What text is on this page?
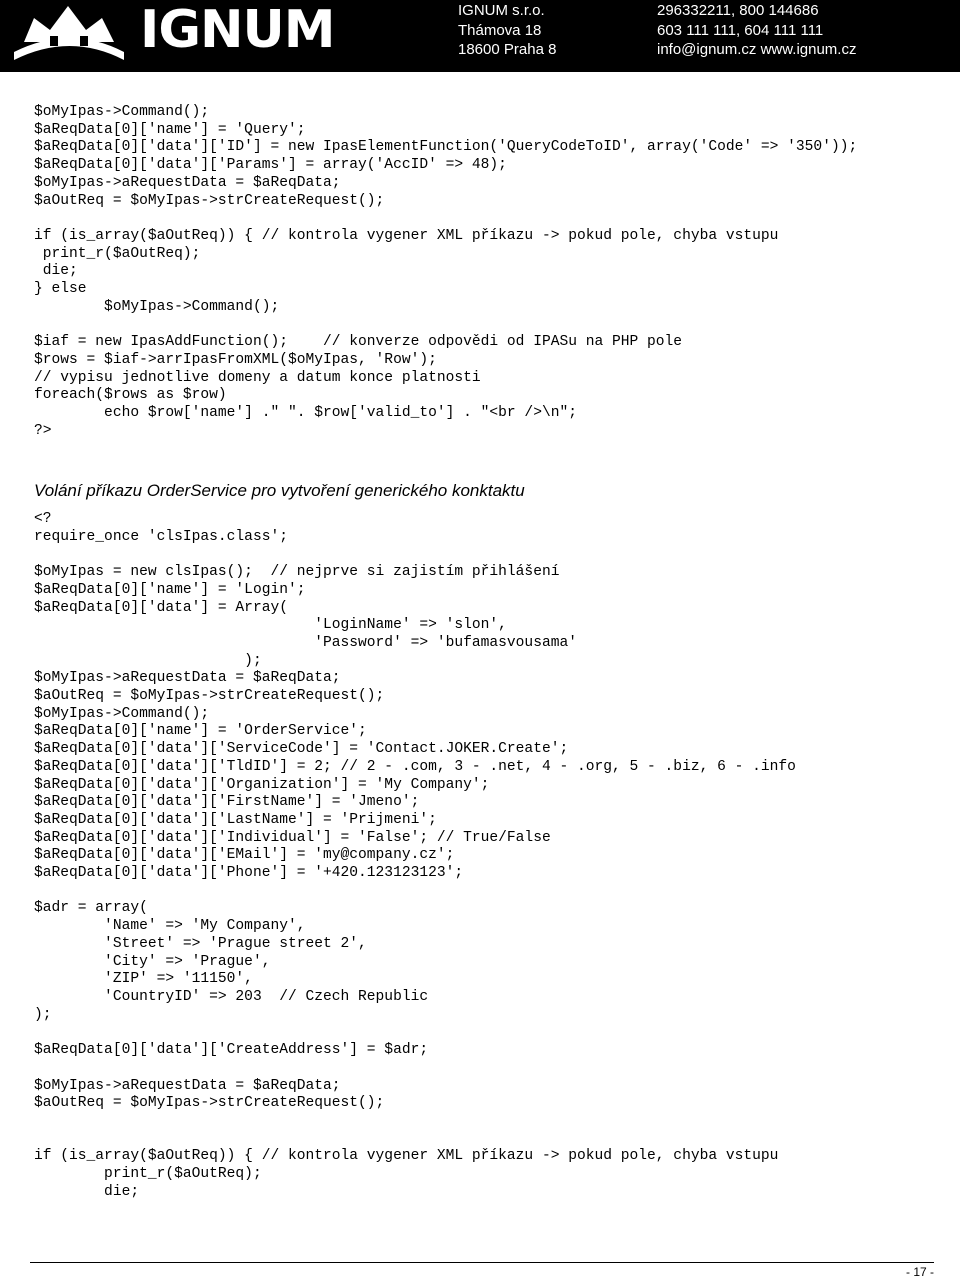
IGNUM	IGNUM s.r.o.
Thámova 18
18600 Praha 8
296332211, 800 144686
603 111 111, 604 111 111
info@ignum.cz www.ignum.cz
$oMyIpas->Command();
$aReqData[0]['name'] = 'Query';
$aReqData[0]['data']['ID'] = new IpasElementFunction('QueryCodeToID', array('Code' => '350'));
$aReqData[0]['data']['Params'] = array('AccID' => 48);
$oMyIpas->aRequestData = $aReqData;
$aOutReq = $oMyIpas->strCreateRequest();

if (is_array($aOutReq)) { // kontrola vygener XML příkazu -> pokud pole, chyba vstupu
print_r($aOutReq);
die;
} else
$oMyIpas->Command();

$iaf = new IpasAddFunction();    // konverze odpovědi od IPASu na PHP pole
$rows = $iaf->arrIpasFromXML($oMyIpas, 'Row');
// vypisu jednotlive domeny a datum konce platnosti
foreach($rows as $row)
echo $row['name'] ." ". $row['valid_to'] . "<br />\n";
?>
Volání příkazu OrderService pro vytvoření generického konktaktu
<?
require_once 'clsIpas.class';

$oMyIpas = new clsIpas();  // nejprve si zajistím přihlášení
$aReqData[0]['name'] = 'Login';
$aReqData[0]['data'] = Array(
'LoginName' => 'slon',
'Password' => 'bufamasvousama'
);
$oMyIpas->aRequestData = $aReqData;
$aOutReq = $oMyIpas->strCreateRequest();
$oMyIpas->Command();
$aReqData[0]['name'] = 'OrderService';
$aReqData[0]['data']['ServiceCode'] = 'Contact.JOKER.Create';
$aReqData[0]['data']['TldID'] = 2; // 2 - .com, 3 - .net, 4 - .org, 5 - .biz, 6 - .info
$aReqData[0]['data']['Organization'] = 'My Company';
$aReqData[0]['data']['FirstName'] = 'Jmeno';
$aReqData[0]['data']['LastName'] = 'Prijmeni';
$aReqData[0]['data']['Individual'] = 'False'; // True/False
$aReqData[0]['data']['EMail'] = 'my@company.cz';
$aReqData[0]['data']['Phone'] = '+420.123123123';

$adr = array(
'Name' => 'My Company',
'Street' => 'Prague street 2',
'City' => 'Prague',
'ZIP' => '11150',
'CountryID' => 203  // Czech Republic
);

$aReqData[0]['data']['CreateAddress'] = $adr;

$oMyIpas->aRequestData = $aReqData;
$aOutReq = $oMyIpas->strCreateRequest();

if (is_array($aOutReq)) { // kontrola vygener XML příkazu -> pokud pole, chyba vstupu
print_r($aOutReq);
die;
- 17 -
